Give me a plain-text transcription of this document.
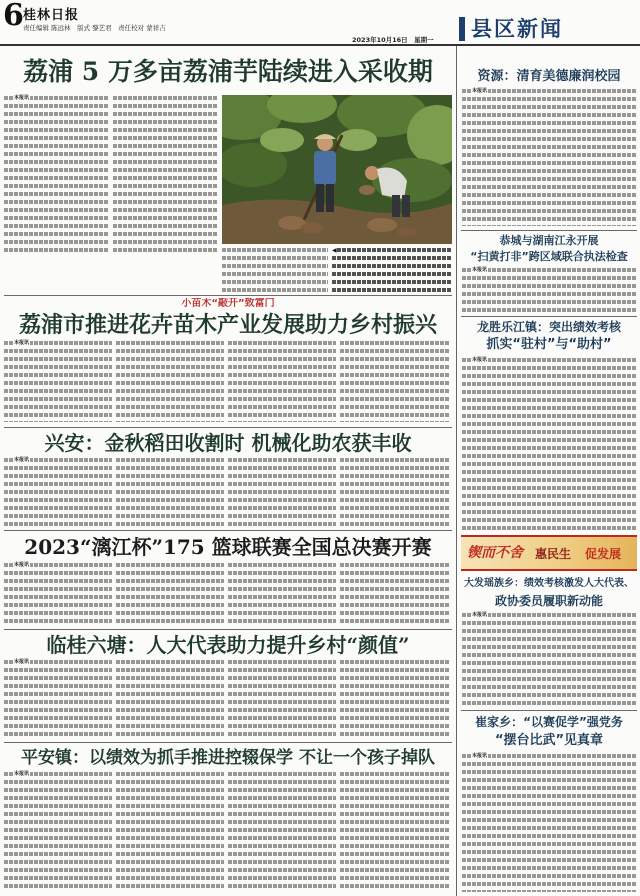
6 桂林日报
责任编辑 陈远林　版式 黎艺君　责任校对 蒙祥吉
2023年10月16日　星期一 县区新闻
荔浦 5 万多亩荔浦芋陆续进入采收期
本报讯
◀
小苗木“敲开”致富门
荔浦市推进花卉苗木产业发展助力乡村振兴
本报讯
兴安：金秋稻田收割时 机械化助农获丰收
本报讯
2023“漓江杯”175 篮球联赛全国总决赛开赛
本报讯
临桂六塘：人大代表助力提升乡村“颜值”
本报讯
平安镇：以绩效为抓手推进控辍保学 不让一个孩子掉队
本报讯
资源：清育美德廉润校园
本报讯
恭城与湖南江永开展
“扫黄打非”跨区域联合执法检查
本报讯
龙胜乐江镇：突出绩效考核
抓实“驻村”与“助村”
本报讯
锲而不舍 惠民生 促发展
大发瑶族乡：绩效考核激发人大代表、
政协委员履职新动能
本报讯
崔家乡：“以赛促学”强党务
“摆台比武”见真章
本报讯
